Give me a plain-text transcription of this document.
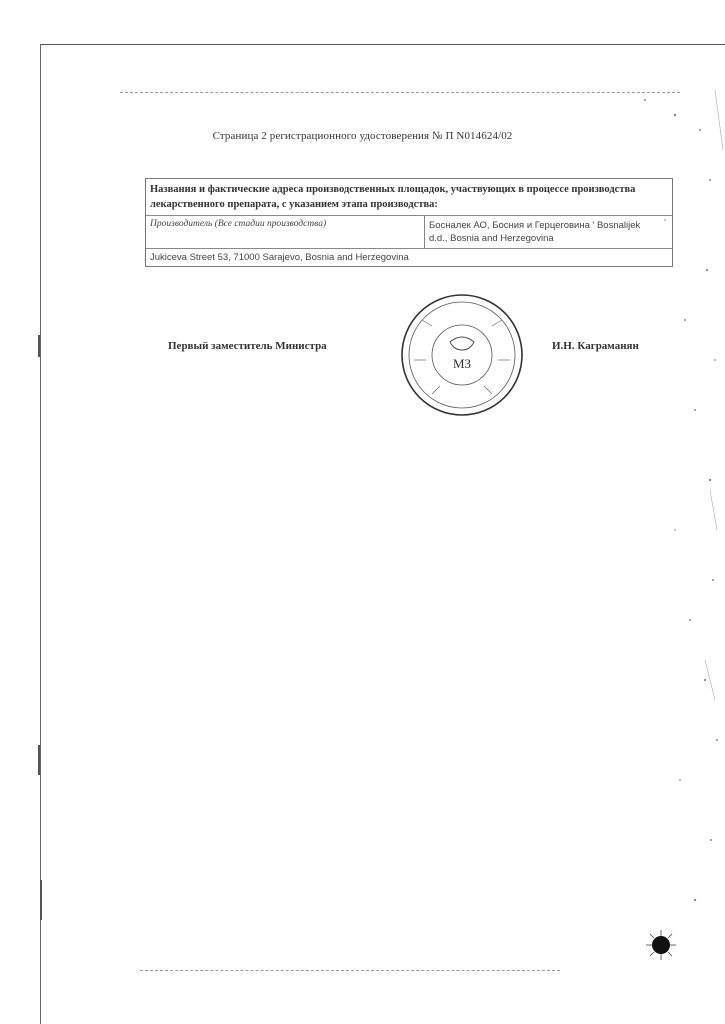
Страница 2 регистрационного удостоверения № П N014624/02
Названия и фактические адреса производственных площадок, участвующих в процессе производства лекарственного препарата, с указанием этапа производства:
Производитель (Все стадии производства)	Босналек АО, Босния и Герцеговина ' Bosnalijek
d.d., Bosnia and Herzegovina
Jukiceva Street 53, 71000 Sarajevo, Bosnia and Herzegovina
Первый заместитель Министра
МЗ
И.Н. Каграманян
